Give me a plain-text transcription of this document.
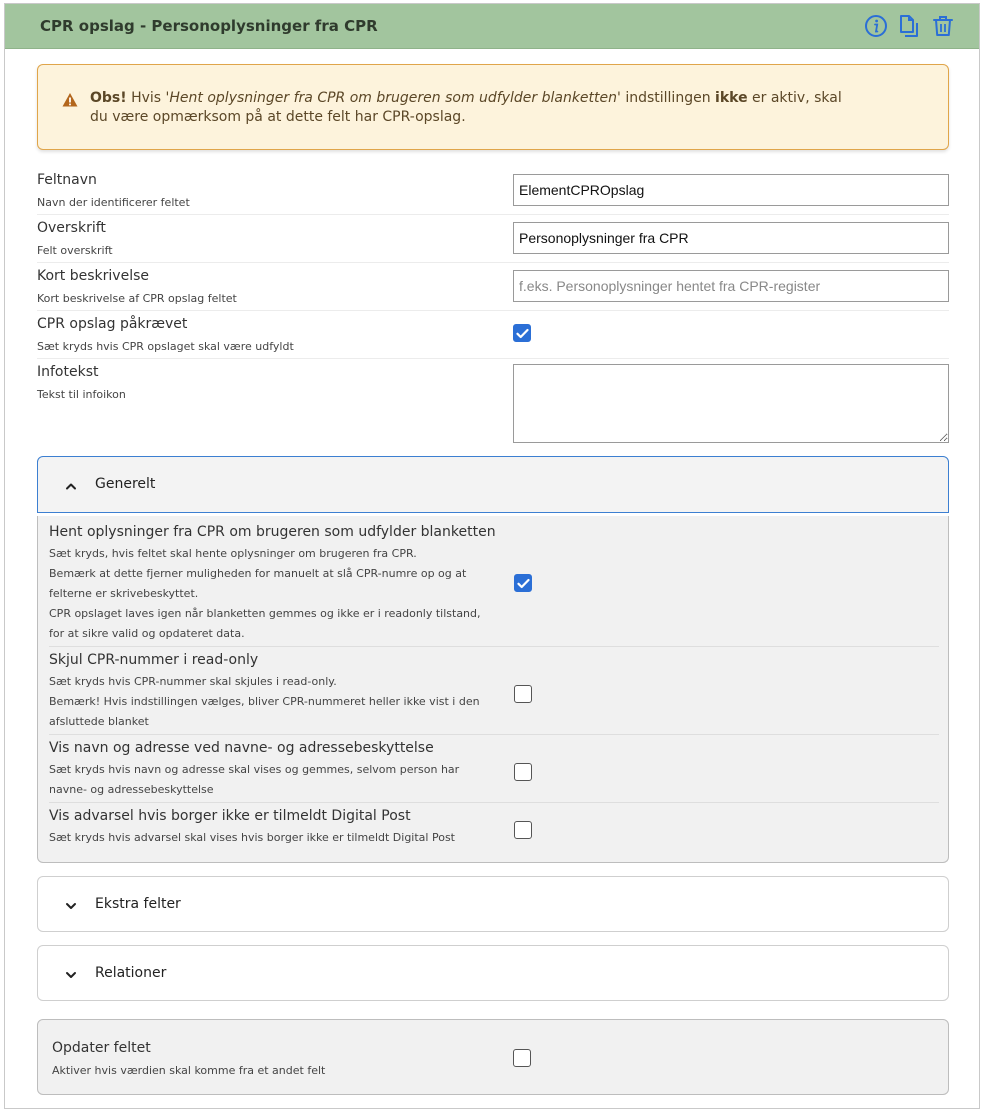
CPR opslag - Personoplysninger fra CPR
Obs! Hvis 'Hent oplysninger fra CPR om brugeren som udfylder blanketten' indstillingen ikke er aktiv, skal du være opmærksom på at dette felt har CPR-opslag.
Feltnavn
Navn der identificerer feltet
ElementCPROpslag
Overskrift
Felt overskrift
Personoplysninger fra CPR
Kort beskrivelse
Kort beskrivelse af CPR opslag feltet
f.eks. Personoplysninger hentet fra CPR-register
CPR opslag påkrævet
Sæt kryds hvis CPR opslaget skal være udfyldt
Infotekst
Tekst til infoikon
Generelt
Hent oplysninger fra CPR om brugeren som udfylder blanketten
Sæt kryds, hvis feltet skal hente oplysninger om brugeren fra CPR.
Bemærk at dette fjerner muligheden for manuelt at slå CPR-numre op og at felterne er skrivebeskyttet.
CPR opslaget laves igen når blanketten gemmes og ikke er i readonly tilstand, for at sikre valid og opdateret data.
Skjul CPR-nummer i read-only
Sæt kryds hvis CPR-nummer skal skjules i read-only.
Bemærk! Hvis indstillingen vælges, bliver CPR-nummeret heller ikke vist i den afsluttede blanket
Vis navn og adresse ved navne- og adressebeskyttelse
Sæt kryds hvis navn og adresse skal vises og gemmes, selvom person har navne- og adressebeskyttelse
Vis advarsel hvis borger ikke er tilmeldt Digital Post
Sæt kryds hvis advarsel skal vises hvis borger ikke er tilmeldt Digital Post
Ekstra felter
Relationer
Opdater feltet
Aktiver hvis værdien skal komme fra et andet felt
